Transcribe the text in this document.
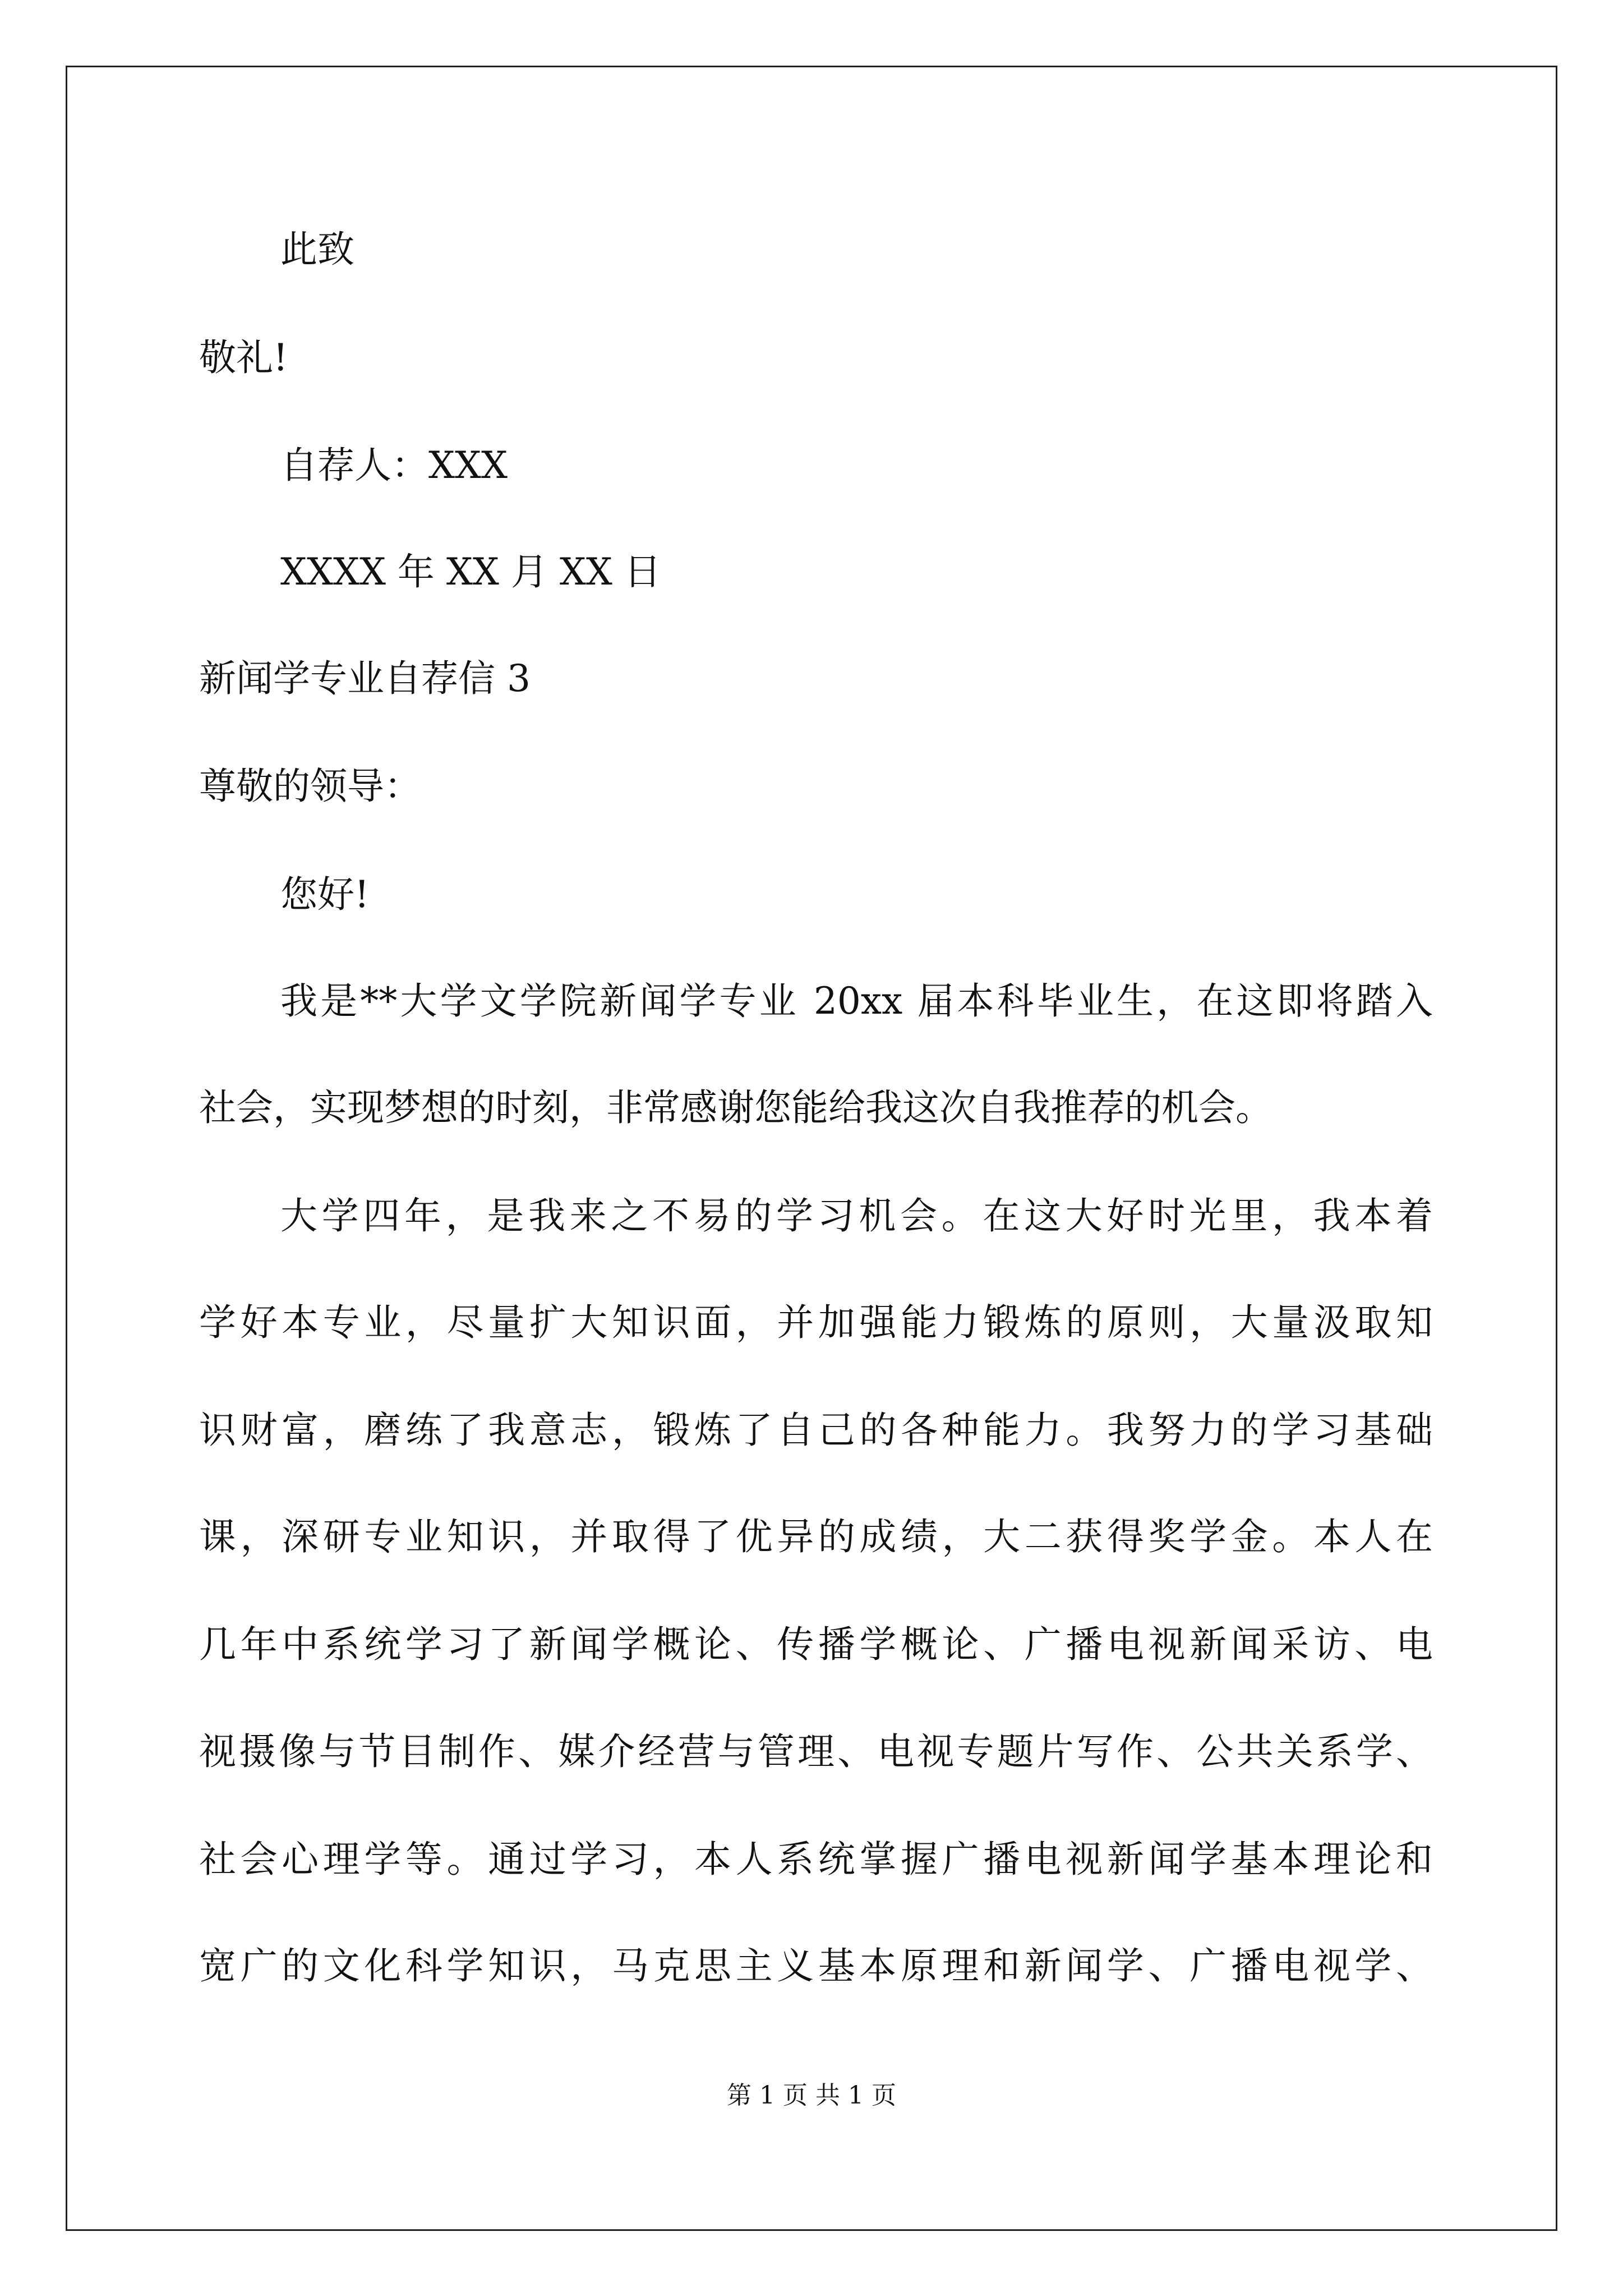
此致
敬礼!
自荐人：XXX
XXXX 年 XX 月 XX 日
新闻学专业自荐信 3
尊敬的领导：
您好!
我是**大学文学院新闻学专业 20xx 届本科毕业生，在这即将踏入
社会，实现梦想的时刻，非常感谢您能给我这次自我推荐的机会。
大学四年，是我来之不易的学习机会。在这大好时光里，我本着
学好本专业，尽量扩大知识面，并加强能力锻炼的原则，大量汲取知
识财富，磨练了我意志，锻炼了自己的各种能力。我努力的学习基础
课，深研专业知识，并取得了优异的成绩，大二获得奖学金。本人在
几年中系统学习了新闻学概论、传播学概论、广播电视新闻采访、电
视摄像与节目制作、媒介经营与管理、电视专题片写作、公共关系学、
社会心理学等。通过学习，本人系统掌握广播电视新闻学基本理论和
宽广的文化科学知识，马克思主义基本原理和新闻学、广播电视学、
第 1 页 共 1 页
